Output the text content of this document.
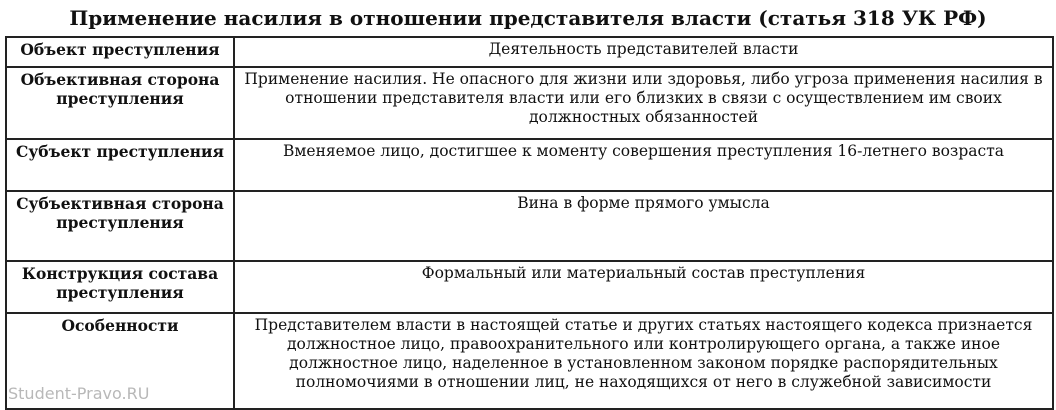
Применение насилия в отношении представителя власти (статья 318 УК РФ)
Объект преступления	Деятельность представителей власти
Объективная сторона преступления	Применение насилия. Не опасного для жизни или здоровья, либо угроза применения насилия в отношении представителя власти или его близких в связи с осуществлением им своих должностных обязанностей
Субъект преступления	Вменяемое лицо, достигшее к моменту совершения преступления 16-летнего возраста
Субъективная сторона преступления	Вина в форме прямого умысла
Конструкция состава преступления	Формальный или материальный состав преступления
Особенности	Представителем власти в настоящей статье и других статьях настоящего кодекса признается должностное лицо, правоохранительного или контролирующего органа, а также иное должностное лицо, наделенное в установленном законом порядке распорядительных полномочиями в отношении лиц, не находящихся от него в служебной зависимости
Student-Pravo.RU
